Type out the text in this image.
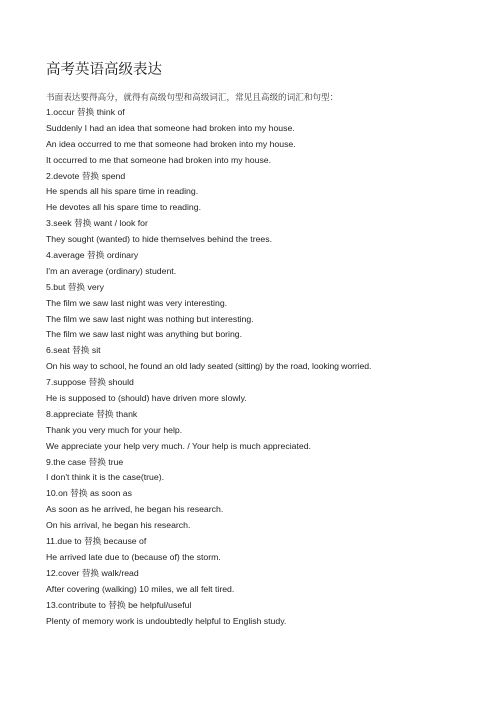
高考英语高级表达

书面表达要得高分，就得有高级句型和高级词汇，常见且高级的词汇和句型：

1.occur 替换 think of

Suddenly I had an idea that someone had broken into my house.

An idea occurred to me that someone had broken into my house.

It occurred to me that someone had broken into my house.

2.devote 替换 spend

He spends all his spare time in reading.

He devotes all his spare time to reading.

3.seek 替换 want / look for

They sought (wanted) to hide themselves behind the trees.

4.average 替换 ordinary

I'm an average (ordinary) student.

5.but 替换 very

The film we saw last night was very interesting.

The film we saw last night was nothing but interesting.

The film we saw last night was anything but boring.

6.seat 替换 sit

On his way to school, he found an old lady seated (sitting) by the road, looking worried.

7.suppose 替换 should

He is supposed to (should) have driven more slowly.

8.appreciate 替换 thank

Thank you very much for your help.

We appreciate your help very much. / Your help is much appreciated.

9.the case 替换 true

I don't think it is the case(true).

10.on 替换 as soon as

As soon as he arrived, he began his research.

On his arrival, he began his research.

11.due to 替换 because of

He arrived late due to (because of) the storm.

12.cover 替换 walk/read

After covering (walking) 10 miles, we all felt tired.

13.contribute to 替换 be helpful/useful

Plenty of memory work is undoubtedly helpful to English study.
